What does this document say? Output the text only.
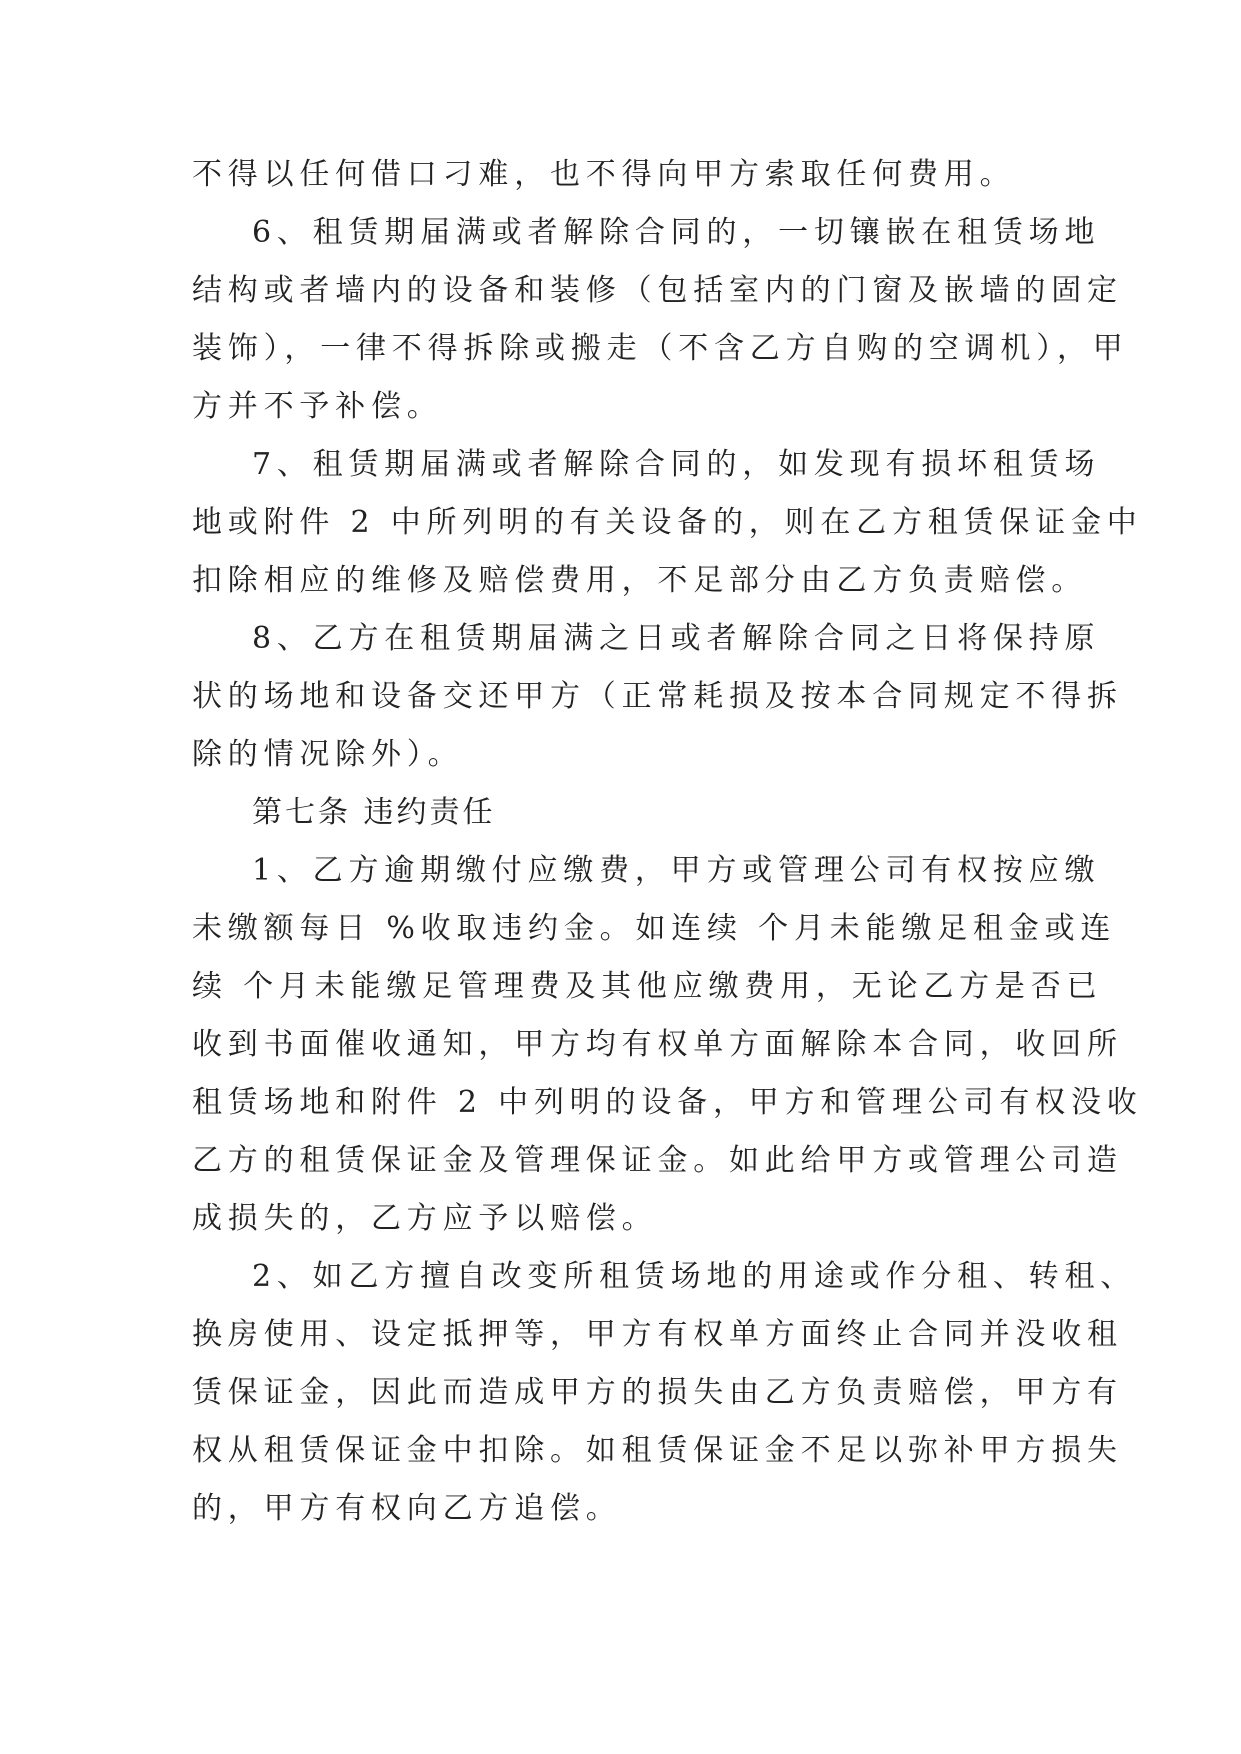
不得以任何借口刁难，也不得向甲方索取任何费用。
6、租赁期届满或者解除合同的，一切镶嵌在租赁场地
结构或者墙内的设备和装修（包括室内的门窗及嵌墙的固定
装饰），一律不得拆除或搬走（不含乙方自购的空调机），甲
方并不予补偿。
7、租赁期届满或者解除合同的，如发现有损坏租赁场
地或附件 2 中所列明的有关设备的，则在乙方租赁保证金中
扣除相应的维修及赔偿费用，不足部分由乙方负责赔偿。
8、乙方在租赁期届满之日或者解除合同之日将保持原
状的场地和设备交还甲方（正常耗损及按本合同规定不得拆
除的情况除外）。
第七条 违约责任
1、乙方逾期缴付应缴费，甲方或管理公司有权按应缴
未缴额每日 %收取违约金。如连续 个月未能缴足租金或连
续 个月未能缴足管理费及其他应缴费用，无论乙方是否已
收到书面催收通知，甲方均有权单方面解除本合同，收回所
租赁场地和附件 2 中列明的设备，甲方和管理公司有权没收
乙方的租赁保证金及管理保证金。如此给甲方或管理公司造
成损失的，乙方应予以赔偿。
2、如乙方擅自改变所租赁场地的用途或作分租、转租、
换房使用、设定抵押等，甲方有权单方面终止合同并没收租
赁保证金，因此而造成甲方的损失由乙方负责赔偿，甲方有
权从租赁保证金中扣除。如租赁保证金不足以弥补甲方损失
的，甲方有权向乙方追偿。
